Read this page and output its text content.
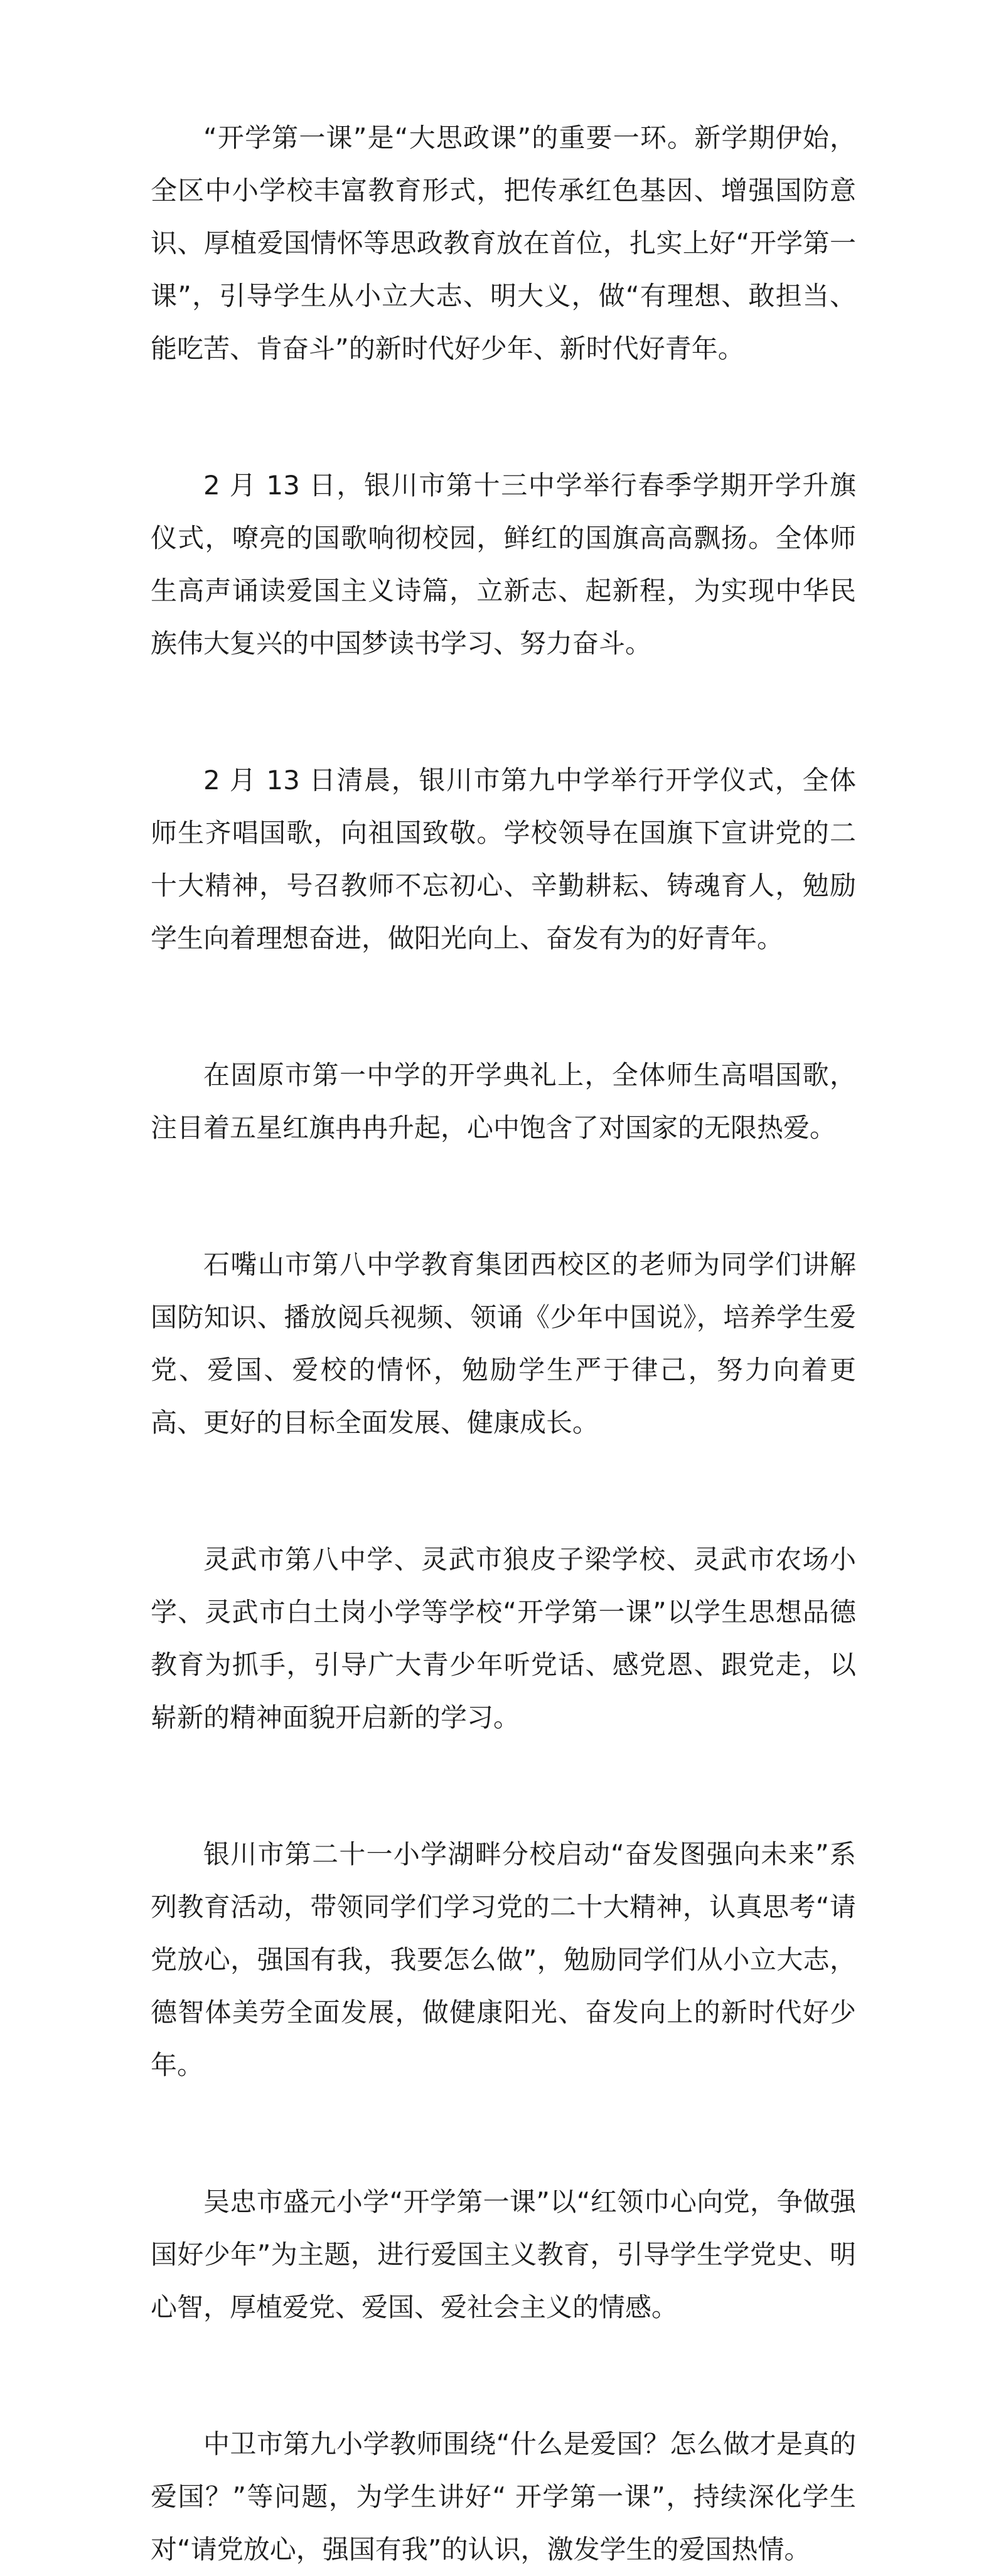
“开学第一课”是“大思政课”的重要一环。新学期伊始，全区中小学校丰富教育形式，把传承红色基因、增强国防意识、厚植爱国情怀等思政教育放在首位，扎实上好“开学第一课”，引导学生从小立大志、明大义，做“有理想、敢担当、能吃苦、肯奋斗”的新时代好少年、新时代好青年。

2 月 13 日，银川市第十三中学举行春季学期开学升旗仪式，嘹亮的国歌响彻校园，鲜红的国旗高高飘扬。全体师生高声诵读爱国主义诗篇，立新志、起新程，为实现中华民族伟大复兴的中国梦读书学习、努力奋斗。

2 月 13 日清晨，银川市第九中学举行开学仪式，全体师生齐唱国歌，向祖国致敬。学校领导在国旗下宣讲党的二十大精神，号召教师不忘初心、辛勤耕耘、铸魂育人，勉励学生向着理想奋进，做阳光向上、奋发有为的好青年。

在固原市第一中学的开学典礼上，全体师生高唱国歌，注目着五星红旗冉冉升起，心中饱含了对国家的无限热爱。

石嘴山市第八中学教育集团西校区的老师为同学们讲解国防知识、播放阅兵视频、领诵《少年中国说》，培养学生爱党、爱国、爱校的情怀，勉励学生严于律己，努力向着更高、更好的目标全面发展、健康成长。

灵武市第八中学、灵武市狼皮子梁学校、灵武市农场小学、灵武市白土岗小学等学校“开学第一课”以学生思想品德教育为抓手，引导广大青少年听党话、感党恩、跟党走，以崭新的精神面貌开启新的学习。

银川市第二十一小学湖畔分校启动“奋发图强向未来”系列教育活动，带领同学们学习党的二十大精神，认真思考“请党放心，强国有我，我要怎么做”，勉励同学们从小立大志，德智体美劳全面发展，做健康阳光、奋发向上的新时代好少年。

吴忠市盛元小学“开学第一课”以“红领巾心向党，争做强国好少年”为主题，进行爱国主义教育，引导学生学党史、明心智，厚植爱党、爱国、爱社会主义的情感。

中卫市第九小学教师围绕“什么是爱国？怎么做才是真的爱国？”等问题，为学生讲好“ 开学第一课”，持续深化学生对“请党放心，强国有我”的认识，激发学生的爱国热情。
